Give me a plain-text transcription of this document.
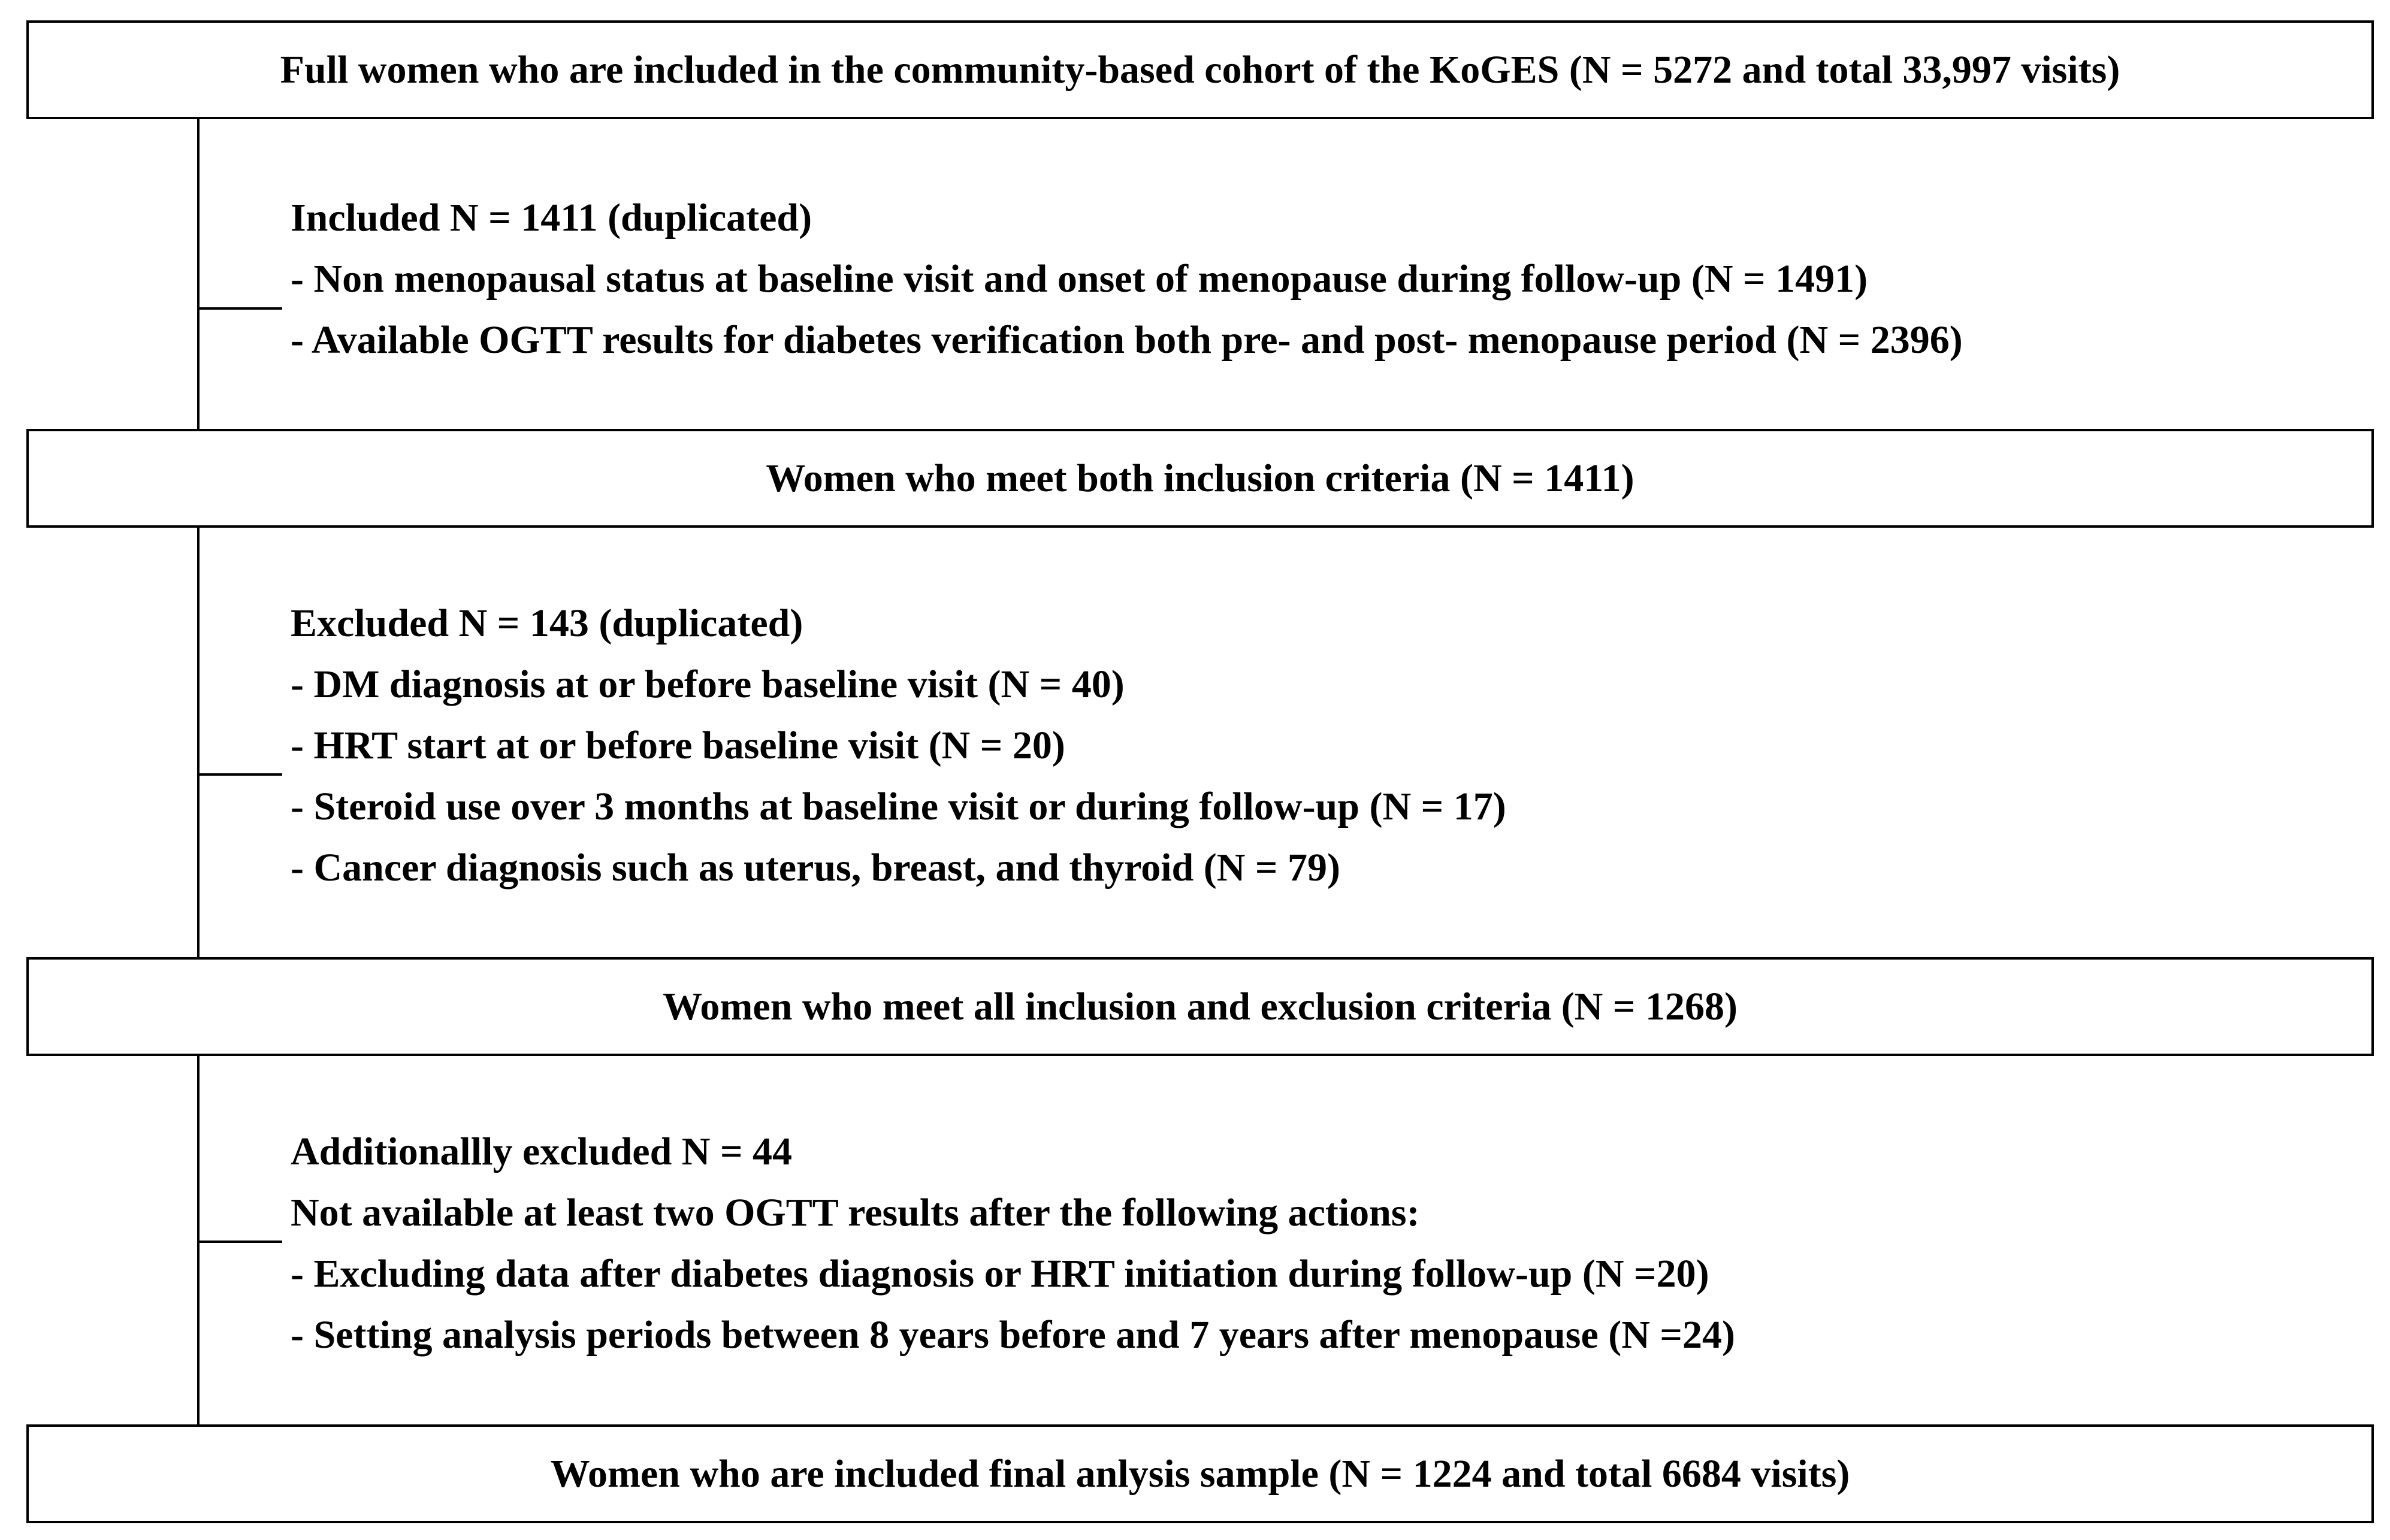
Full women who are included in the community-based cohort of the KoGES (N = 5272 and total 33,997 visits)
Included N = 1411 (duplicated)
- Non menopausal status at baseline visit and onset of menopause during follow-up (N = 1491)
- Available OGTT results for diabetes verification both pre- and post- menopause period (N = 2396)
Women who meet both inclusion criteria (N = 1411)
Excluded N = 143 (duplicated)
- DM diagnosis at or before baseline visit (N = 40)
- HRT start at or before baseline visit (N = 20)
- Steroid use over 3 months at baseline visit or during follow-up (N = 17)
- Cancer diagnosis such as uterus, breast, and thyroid (N = 79)
Women who meet all inclusion and exclusion criteria (N = 1268)
Additionallly excluded N = 44
Not available at least two OGTT results after the following actions:
- Excluding data after diabetes diagnosis or HRT initiation during follow-up (N =20)
- Setting analysis periods between 8 years before and 7 years after menopause (N =24)
Women who are included final anlysis sample (N = 1224 and total 6684 visits)
